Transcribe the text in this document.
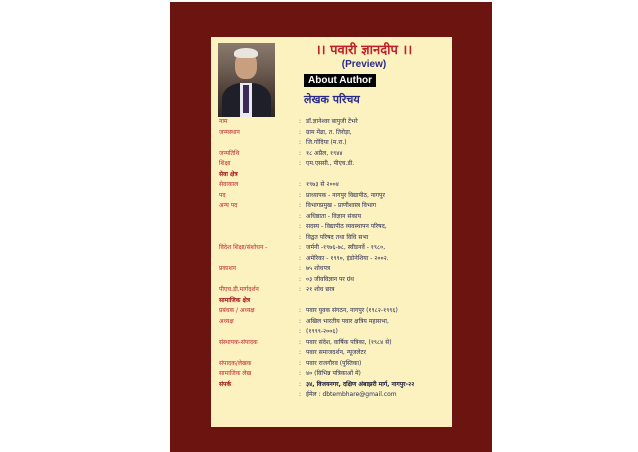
।। पवारी ज्ञानदीप ।।
(Preview)
About Author
लेखक परिचय
नाम	: डॉ.ज्ञानेश्वर बापुजी टेंभरे
जन्मस्थान	: ग्राम मेंढा, त. तिरोड़ा,
: जि.गोंदिया (म.रा.)
जन्मतिथि	: १८ अप्रैल, १९४४
शिक्षा	: एम.एससी., पीएच.डी.
सेवा क्षेत्र
सेवाकाल	: १९७३ से २००४
पद	: प्राध्यापक - नागपुर विद्यापीठ, नागपुर
अन्य पद	: विभागप्रमुख - प्राणीशास्त्र विभाग
: अधिष्ठाता - विज्ञान संकाय
: सदस्य - विद्यापीठ व्यवस्थापन परिषद,
: विद्वत परिषद तथा विधि सभा
विदेश शिक्षा/संशोधन -	: जर्मनी -१९७६-७८, स्वीडनर्वे - १९८०,
: अमेरिका - १९९०, इंडोनेशिया - २००२.
प्रकाशन	: ७५ शोधपत्र
: ०३ जीवविज्ञान पर ग्रंथ
पीएच.डी.मार्गदर्शन	: २१ शोध छात्र
सामाजिक क्षेत्र
प्रबंधक / अध्यक्ष	: पवार युवक संगठन, नागपुर (१९८२-१९९६)
अध्यक्ष	: अखिल भारतीय पवार क्षत्रिय महासभा,
: (१९९९-२००६)
संस्थापक-संपादक	: पवार संदेश, वार्षिक पत्रिका, (१९८४ से)
: पवार समाजदर्शन, न्यूजलेटर
संपादक/लेखक	: पवार राजगौरव (पुस्तिका)
सामाजिक लेख	: ४० (विभिन्न पत्रिकाओं में)
संपर्क	: ३४, विजयनगर, दक्षिण अंबाझरी मार्ग, नागपुर-२२
: ईमेल : dbtembhare@gmail.com
